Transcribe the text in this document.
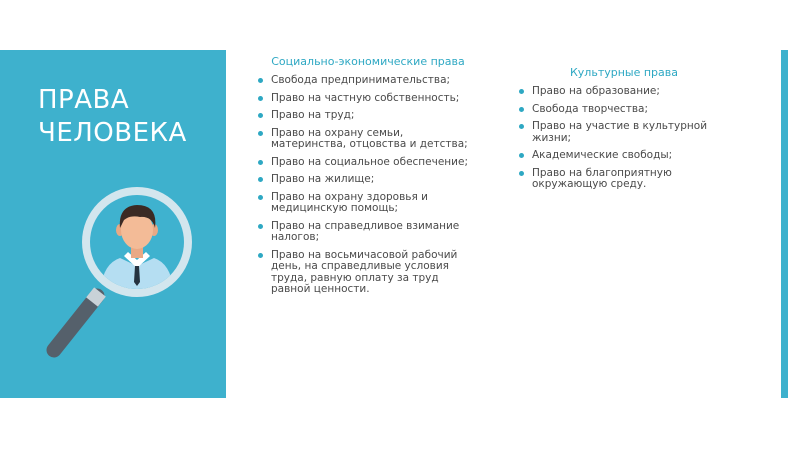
ПРАВА
ЧЕЛОВЕКА
Социально-экономические права
Свобода предпринимательства;
Право на частную собственность;
Право на труд;
Право на охрану семьи, материнства, отцовства и детства;
Право на социальное обеспечение;
Право на жилище;
Право на охрану здоровья и медицинскую помощь;
Право на справедливое взимание налогов;
Право на восьмичасовой рабочий день, на справедливые условия труда, равную оплату за труд равной ценности.
Культурные права
Право на образование;
Свобода творчества;
Право на участие в культурной жизни;
Академические свободы;
Право на благоприятную окружающую среду.
